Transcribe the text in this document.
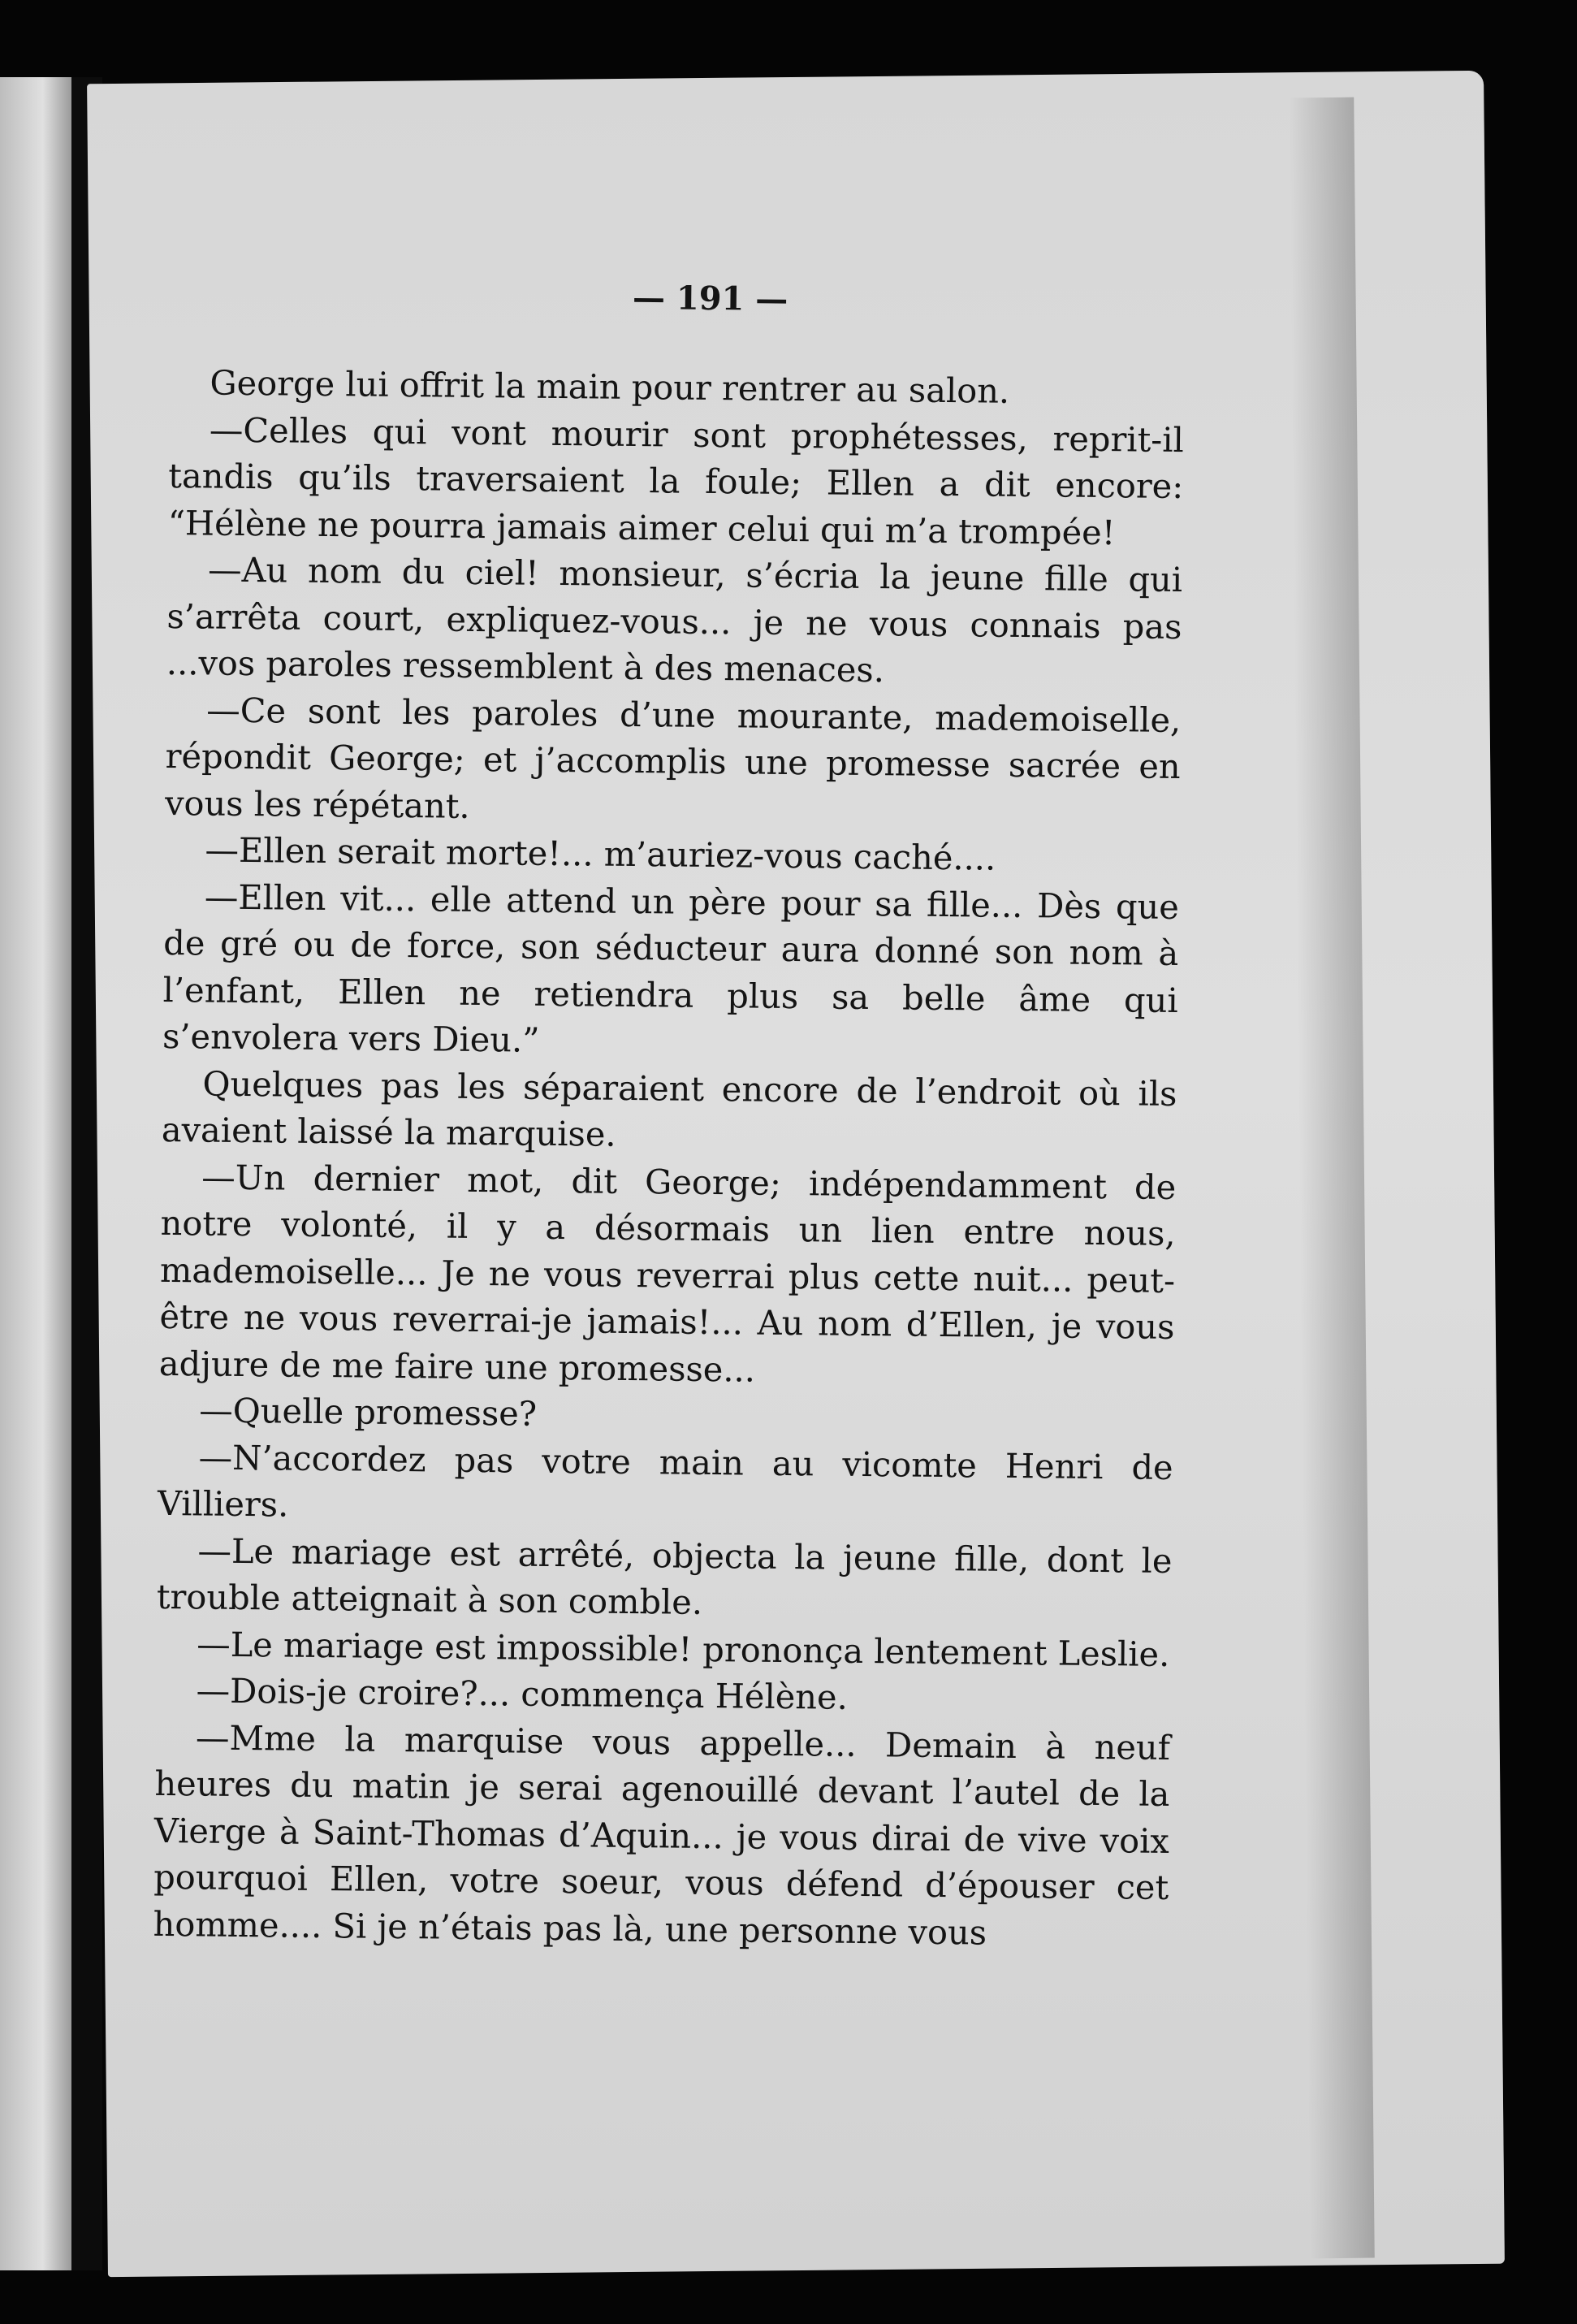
— 191 —

George lui offrit la main pour rentrer au salon.

—Celles qui vont mourir sont prophétesses, reprit-il tandis qu’ils traversaient la foule; Ellen a dit encore: “Hélène ne pourra jamais aimer celui qui m’a trompée!

—Au nom du ciel! monsieur, s’écria la jeune fille qui s’arrêta court, expliquez-vous... je ne vous connais pas ...vos paroles ressemblent à des menaces.

—Ce sont les paroles d’une mourante, mademoiselle, répondit George; et j’accomplis une promesse sacrée en vous les répétant.

—Ellen serait morte!... m’auriez-vous caché....

—Ellen vit... elle attend un père pour sa fille... Dès que de gré ou de force, son séducteur aura donné son nom à l’enfant, Ellen ne retiendra plus sa belle âme qui s’envolera vers Dieu.”

Quelques pas les séparaient encore de l’endroit où ils avaient laissé la marquise.

—Un dernier mot, dit George; indépendamment de notre volonté, il y a désormais un lien entre nous, mademoiselle... Je ne vous reverrai plus cette nuit... peut-être ne vous reverrai-je jamais!... Au nom d’Ellen, je vous adjure de me faire une promesse...

—Quelle promesse?

—N’accordez pas votre main au vicomte Henri de Villiers.

—Le mariage est arrêté, objecta la jeune fille, dont le trouble atteignait à son comble.

—Le mariage est impossible! prononça lentement Leslie.

—Dois-je croire?... commença Hélène.

—Mme la marquise vous appelle... Demain à neuf heures du matin je serai agenouillé devant l’autel de la Vierge à Saint-Thomas d’Aquin... je vous dirai de vive voix pourquoi Ellen, votre soeur, vous défend d’épouser cet homme.... Si je n’étais pas là, une personne vous
